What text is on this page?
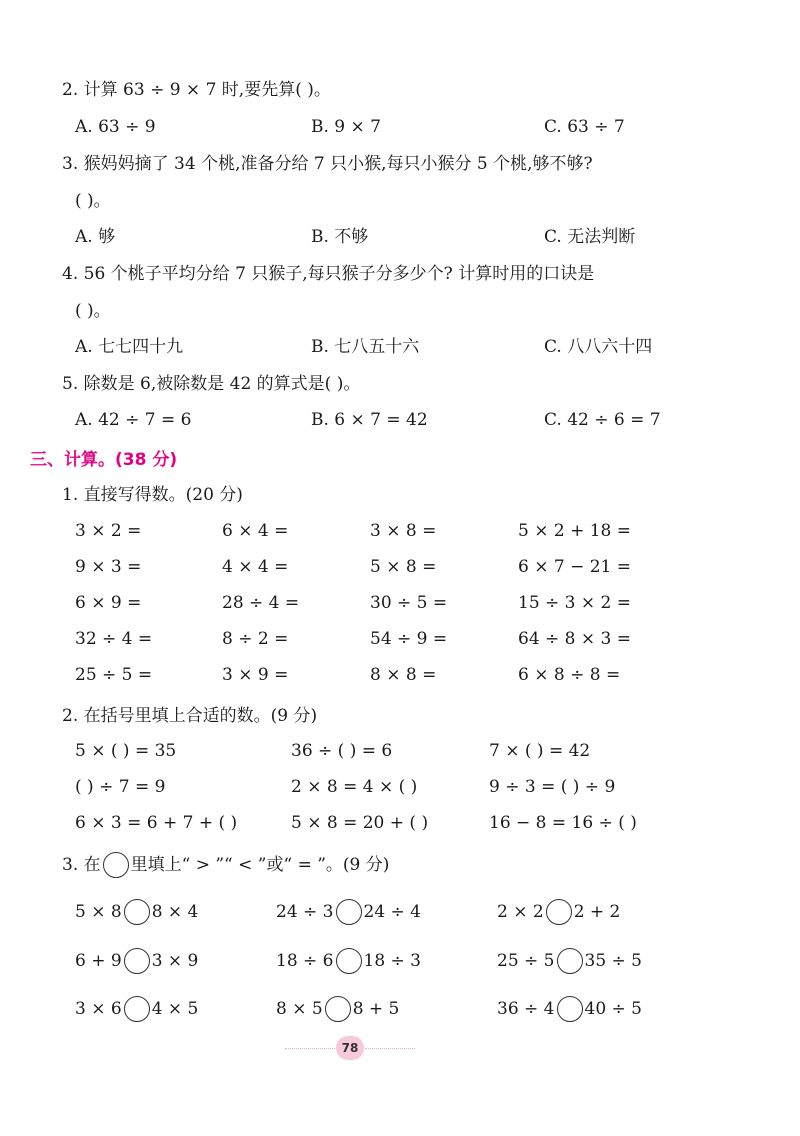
2. 计算 63 ÷ 9 × 7 时,要先算( )。
A. 63 ÷ 9	B. 9 × 7	C. 63 ÷ 7
3. 猴妈妈摘了 34 个桃,准备分给 7 只小猴,每只小猴分 5 个桃,够不够?
( )。
A. 够	B. 不够	C. 无法判断
4. 56 个桃子平均分给 7 只猴子,每只猴子分多少个? 计算时用的口诀是
( )。
A. 七七四十九	B. 七八五十六	C. 八八六十四
5. 除数是 6,被除数是 42 的算式是( )。
A. 42 ÷ 7 = 6	B. 6 × 7 = 42	C. 42 ÷ 6 = 7
三、计算。(38 分)
1. 直接写得数。(20 分)
3 × 2 =	6 × 4 =	3 × 8 =	5 × 2 + 18 =
9 × 3 =	4 × 4 =	5 × 8 =	6 × 7 − 21 =
6 × 9 =	28 ÷ 4 =	30 ÷ 5 =	15 ÷ 3 × 2 =
32 ÷ 4 =	8 ÷ 2 =	54 ÷ 9 =	64 ÷ 8 × 3 =
25 ÷ 5 =	3 × 9 =	8 × 8 =	6 × 8 ÷ 8 =
2. 在括号里填上合适的数。(9 分)
5 × ( ) = 35	36 ÷ ( ) = 6	7 × ( ) = 42
( ) ÷ 7 = 9	2 × 8 = 4 × ( )	9 ÷ 3 = ( ) ÷ 9
6 × 3 = 6 + 7 + ( )	5 × 8 = 20 + ( )	16 − 8 = 16 ÷ ( )
3. 在 里填上“ > ”“ < ”或“ = ”。(9 分)
5 × 8 8 × 4	24 ÷ 3 24 ÷ 4	2 × 2 2 + 2
6 + 9 3 × 9	18 ÷ 6 18 ÷ 3	25 ÷ 5 35 ÷ 5
3 × 6 4 × 5	8 × 5 8 + 5	36 ÷ 4 40 ÷ 5
78
